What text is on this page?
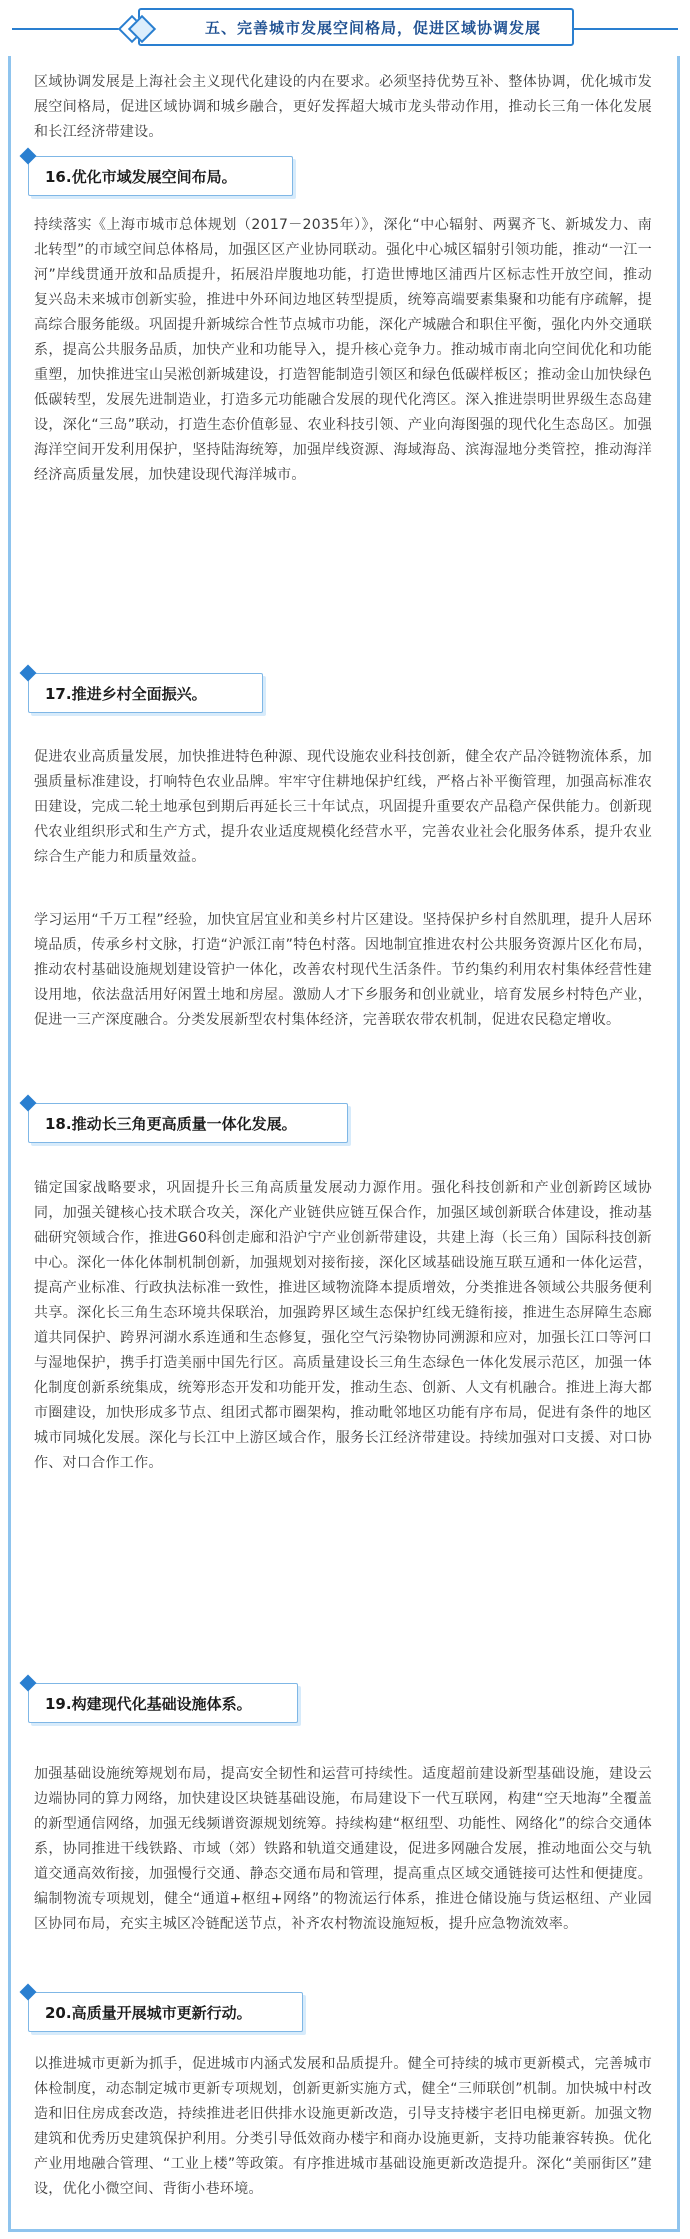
五、完善城市发展空间格局，促进区域协调发展

区域协调发展是上海社会主义现代化建设的内在要求。必须坚持优势互补、整体协调，优化城市发展空间格局，促进区域协调和城乡融合，更好发挥超大城市龙头带动作用，推动长三角一体化发展和长江经济带建设。

16.优化市域发展空间布局。

持续落实《上海市城市总体规划（2017－2035年）》，深化“中心辐射、两翼齐飞、新城发力、南北转型”的市域空间总体格局，加强区区产业协同联动。强化中心城区辐射引领功能，推动“一江一河”岸线贯通开放和品质提升，拓展沿岸腹地功能，打造世博地区浦西片区标志性开放空间，推动复兴岛未来城市创新实验，推进中外环间边地区转型提质，统筹高端要素集聚和功能有序疏解，提高综合服务能级。巩固提升新城综合性节点城市功能，深化产城融合和职住平衡，强化内外交通联系，提高公共服务品质，加快产业和功能导入，提升核心竞争力。推动城市南北向空间优化和功能重塑，加快推进宝山吴淞创新城建设，打造智能制造引领区和绿色低碳样板区；推动金山加快绿色低碳转型，发展先进制造业，打造多元功能融合发展的现代化湾区。深入推进崇明世界级生态岛建设，深化“三岛”联动，打造生态价值彰显、农业科技引领、产业向海图强的现代化生态岛区。加强海洋空间开发利用保护，坚持陆海统筹，加强岸线资源、海域海岛、滨海湿地分类管控，推动海洋经济高质量发展，加快建设现代海洋城市。

17.推进乡村全面振兴。

促进农业高质量发展，加快推进特色种源、现代设施农业科技创新，健全农产品冷链物流体系，加强质量标准建设，打响特色农业品牌。牢牢守住耕地保护红线，严格占补平衡管理，加强高标准农田建设，完成二轮土地承包到期后再延长三十年试点，巩固提升重要农产品稳产保供能力。创新现代农业组织形式和生产方式，提升农业适度规模化经营水平，完善农业社会化服务体系，提升农业综合生产能力和质量效益。

学习运用“千万工程”经验，加快宜居宜业和美乡村片区建设。坚持保护乡村自然肌理，提升人居环境品质，传承乡村文脉，打造“沪派江南”特色村落。因地制宜推进农村公共服务资源片区化布局，推动农村基础设施规划建设管护一体化，改善农村现代生活条件。节约集约利用农村集体经营性建设用地，依法盘活用好闲置土地和房屋。激励人才下乡服务和创业就业，培育发展乡村特色产业，促进一三产深度融合。分类发展新型农村集体经济，完善联农带农机制，促进农民稳定增收。

18.推动长三角更高质量一体化发展。

锚定国家战略要求，巩固提升长三角高质量发展动力源作用。强化科技创新和产业创新跨区域协同，加强关键核心技术联合攻关，深化产业链供应链互保合作，加强区域创新联合体建设，推动基础研究领域合作，推进G60科创走廊和沿沪宁产业创新带建设，共建上海（长三角）国际科技创新中心。深化一体化体制机制创新，加强规划对接衔接，深化区域基础设施互联互通和一体化运营，提高产业标准、行政执法标准一致性，推进区域物流降本提质增效，分类推进各领域公共服务便利共享。深化长三角生态环境共保联治，加强跨界区域生态保护红线无缝衔接，推进生态屏障生态廊道共同保护、跨界河湖水系连通和生态修复，强化空气污染物协同溯源和应对，加强长江口等河口与湿地保护，携手打造美丽中国先行区。高质量建设长三角生态绿色一体化发展示范区，加强一体化制度创新系统集成，统筹形态开发和功能开发，推动生态、创新、人文有机融合。推进上海大都市圈建设，加快形成多节点、组团式都市圈架构，推动毗邻地区功能有序布局，促进有条件的地区城市同城化发展。深化与长江中上游区域合作，服务长江经济带建设。持续加强对口支援、对口协作、对口合作工作。

19.构建现代化基础设施体系。

加强基础设施统筹规划布局，提高安全韧性和运营可持续性。适度超前建设新型基础设施，建设云边端协同的算力网络，加快建设区块链基础设施，布局建设下一代互联网，构建“空天地海”全覆盖的新型通信网络，加强无线频谱资源规划统筹。持续构建“枢纽型、功能性、网络化”的综合交通体系，协同推进干线铁路、市域（郊）铁路和轨道交通建设，促进多网融合发展，推动地面公交与轨道交通高效衔接，加强慢行交通、静态交通布局和管理，提高重点区域交通链接可达性和便捷度。编制物流专项规划，健全“通道+枢纽+网络”的物流运行体系，推进仓储设施与货运枢纽、产业园区协同布局，充实主城区冷链配送节点，补齐农村物流设施短板，提升应急物流效率。

20.高质量开展城市更新行动。

以推进城市更新为抓手，促进城市内涵式发展和品质提升。健全可持续的城市更新模式，完善城市体检制度，动态制定城市更新专项规划，创新更新实施方式，健全“三师联创”机制。加快城中村改造和旧住房成套改造，持续推进老旧供排水设施更新改造，引导支持楼宇老旧电梯更新。加强文物建筑和优秀历史建筑保护利用。分类引导低效商办楼宇和商办设施更新，支持功能兼容转换。优化产业用地融合管理、“工业上楼”等政策。有序推进城市基础设施更新改造提升。深化“美丽街区”建设，优化小微空间、背街小巷环境。
